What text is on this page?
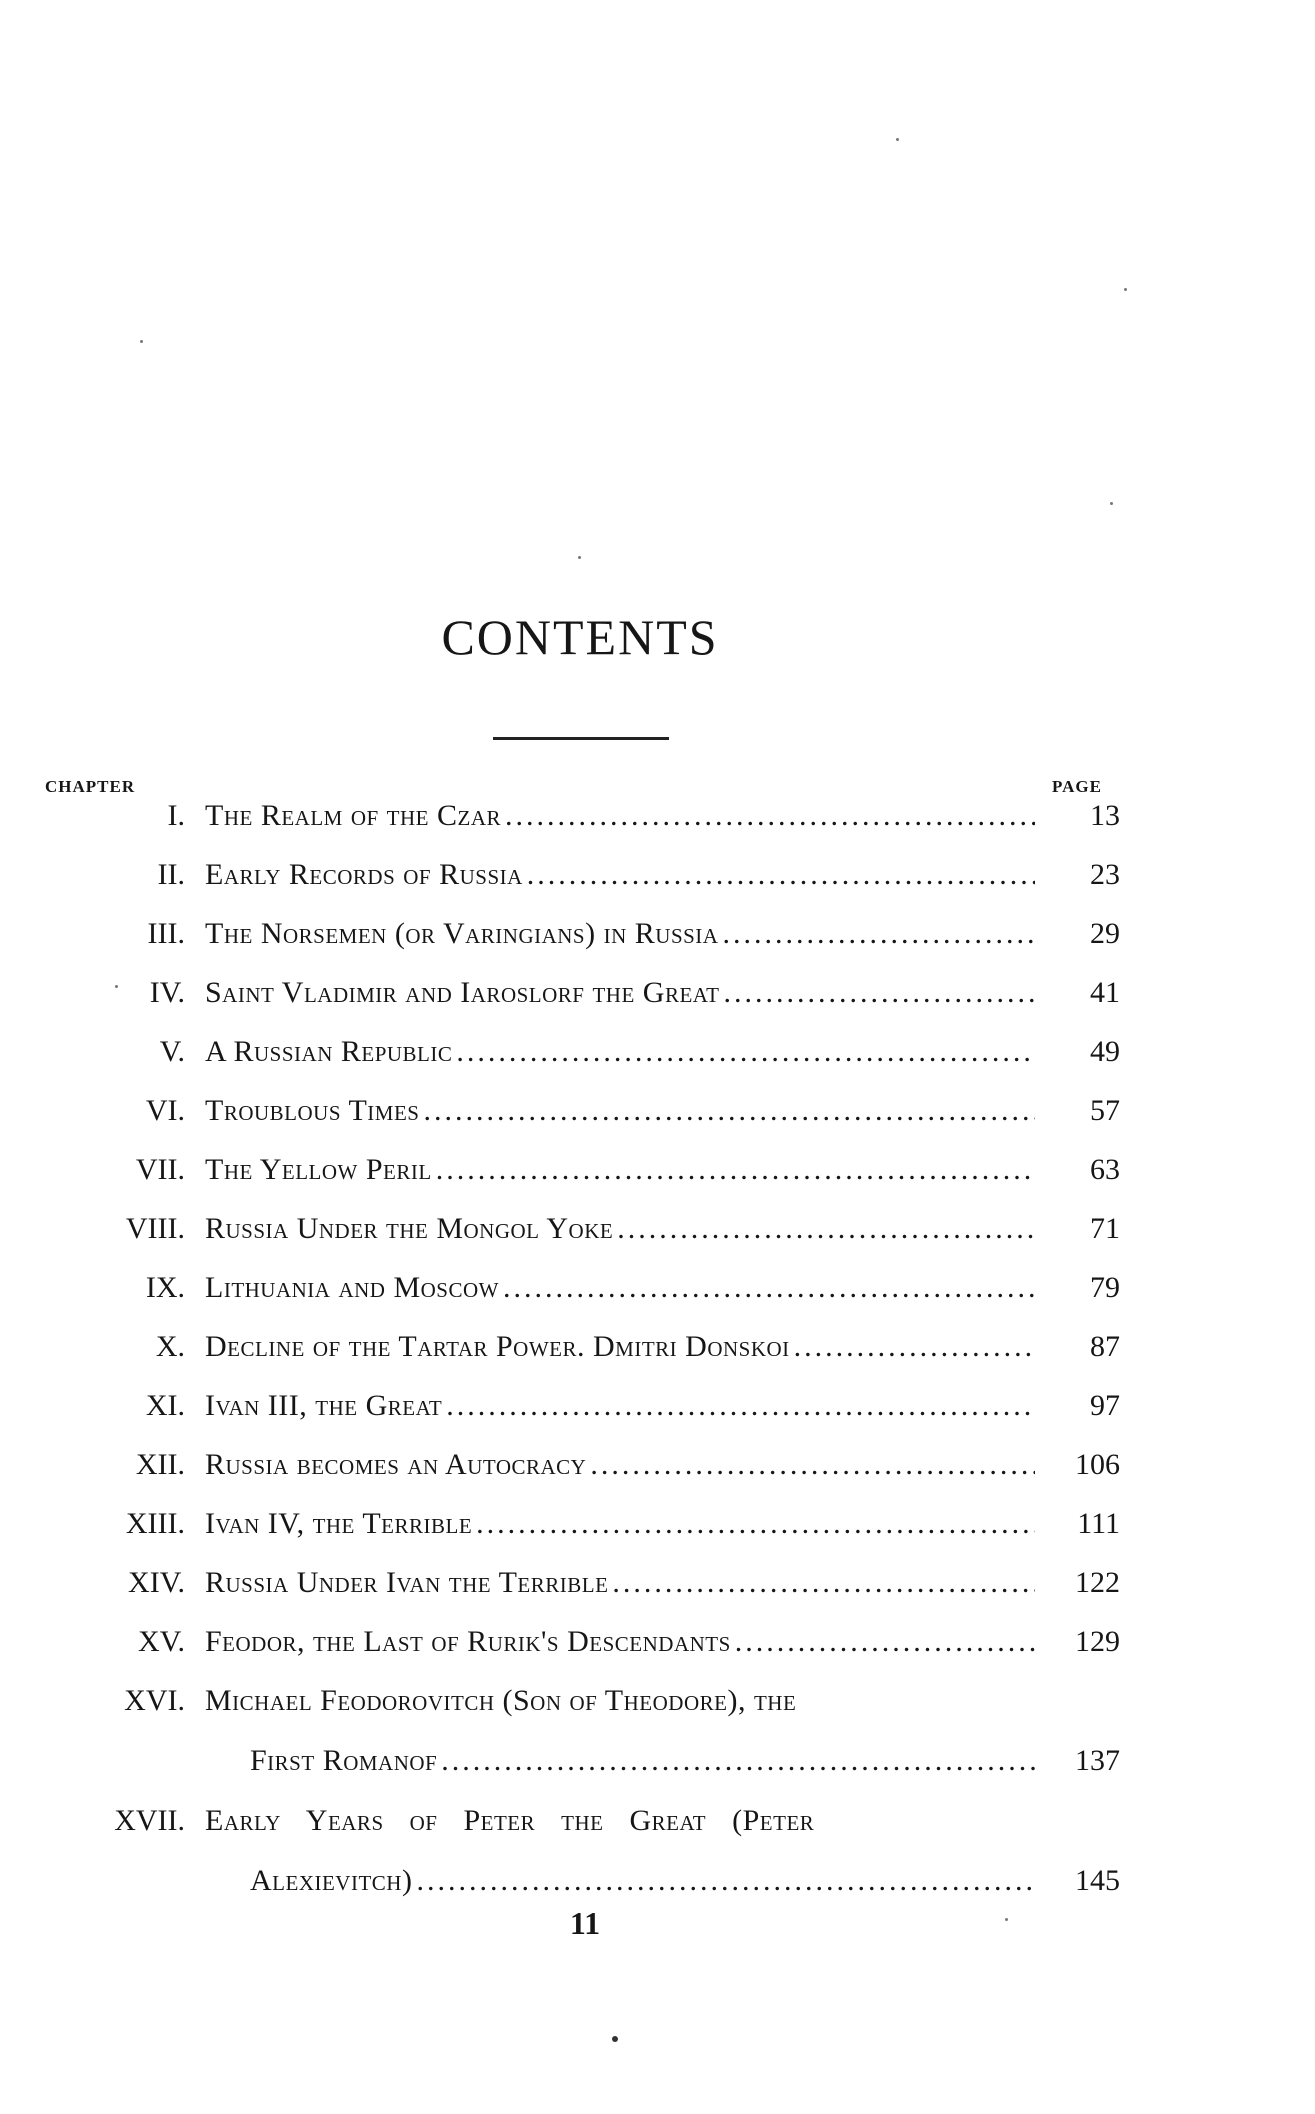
CONTENTS
CHAPTER	PAGE
I. The Realm of the Czar .....	13
II. Early Records of Russia .....	23
III. The Norsemen (or Varingians) in Russia .....	29
IV. Saint Vladimir and Iaroslorf the Great .....	41
V. A Russian Republic .....	49
VI. Troublous Times .....	57
VII. The Yellow Peril .....	63
VIII. Russia Under the Mongol Yoke .....	71
IX. Lithuania and Moscow .....	79
X. Decline of the Tartar Power. Dmitri Donskoi .....	87
XI. Ivan III, the Great .....	97
XII. Russia becomes an Autocracy .....	106
XIII. Ivan IV, the Terrible .....	111
XIV. Russia Under Ivan the Terrible .....	122
XV. Feodor, the Last of Rurik's Descendants .....	129
XVI. Michael Feodorovitch (Son of Theodore), the
First Romanof .....	137
XVII. Early Years of Peter the Great (Peter
Alexievitch) .....	145
11
